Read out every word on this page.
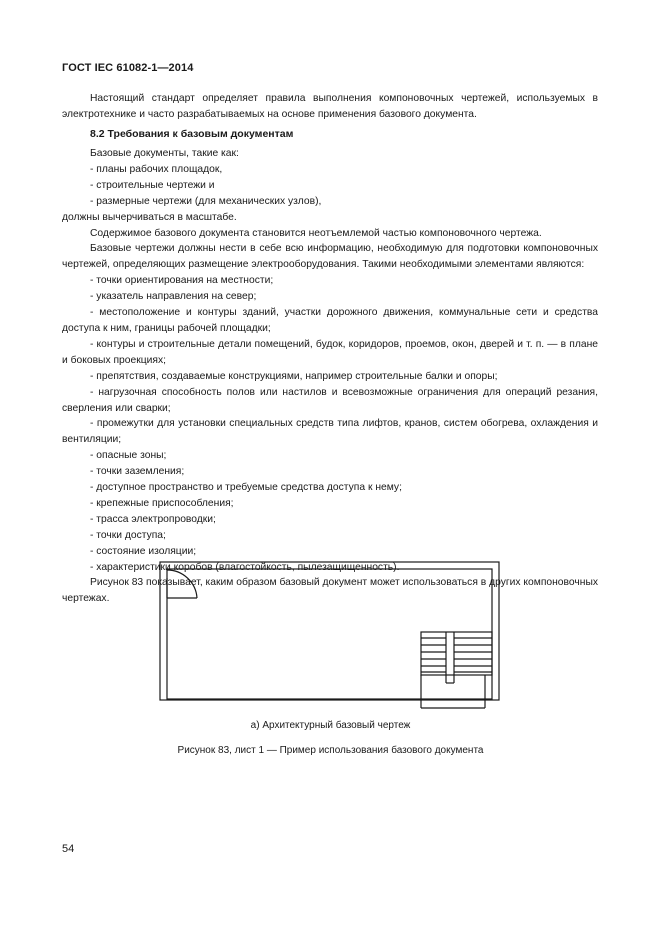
ГОСТ IEC 61082-1—2014

Настоящий стандарт определяет правила выполнения компоновочных чертежей, используемых в электротехнике и часто разрабатываемых на основе применения базового документа.

8.2 Требования к базовым документам

Базовые документы, такие как:

- планы рабочих площадок,

- строительные чертежи и

- размерные чертежи (для механических узлов),

должны вычерчиваться в масштабе.

Содержимое базового документа становится неотъемлемой частью компоновочного чертежа.

Базовые чертежи должны нести в себе всю информацию, необходимую для подготовки компоновочных чертежей, определяющих размещение электрооборудования. Такими необходимыми элементами являются:

- точки ориентирования на местности;

- указатель направления на север;

- местоположение и контуры зданий, участки дорожного движения, коммунальные сети и средства доступа к ним, границы рабочей площадки;

- контуры и строительные детали помещений, будок, коридоров, проемов, окон, дверей и т. п. — в плане и боковых проекциях;

- препятствия, создаваемые конструкциями, например строительные балки и опоры;

- нагрузочная способность полов или настилов и всевозможные ограничения для операций резания, сверления или сварки;

- промежутки для установки специальных средств типа лифтов, кранов, систем обогрева, охлаждения и вентиляции;

- опасные зоны;

- точки заземления;

- доступное пространство и требуемые средства доступа к нему;

- крепежные приспособления;

- трасса электропроводки;

- точки доступа;

- состояние изоляции;

- характеристики коробов (влагостойкость, пылезащищенность).

Рисунок 83 показывает, каким образом базовый документ может использоваться в других компоновочных чертежах.

а) Архитектурный базовый чертеж
Рисунок 83, лист 1 — Пример использования базового документа
54
